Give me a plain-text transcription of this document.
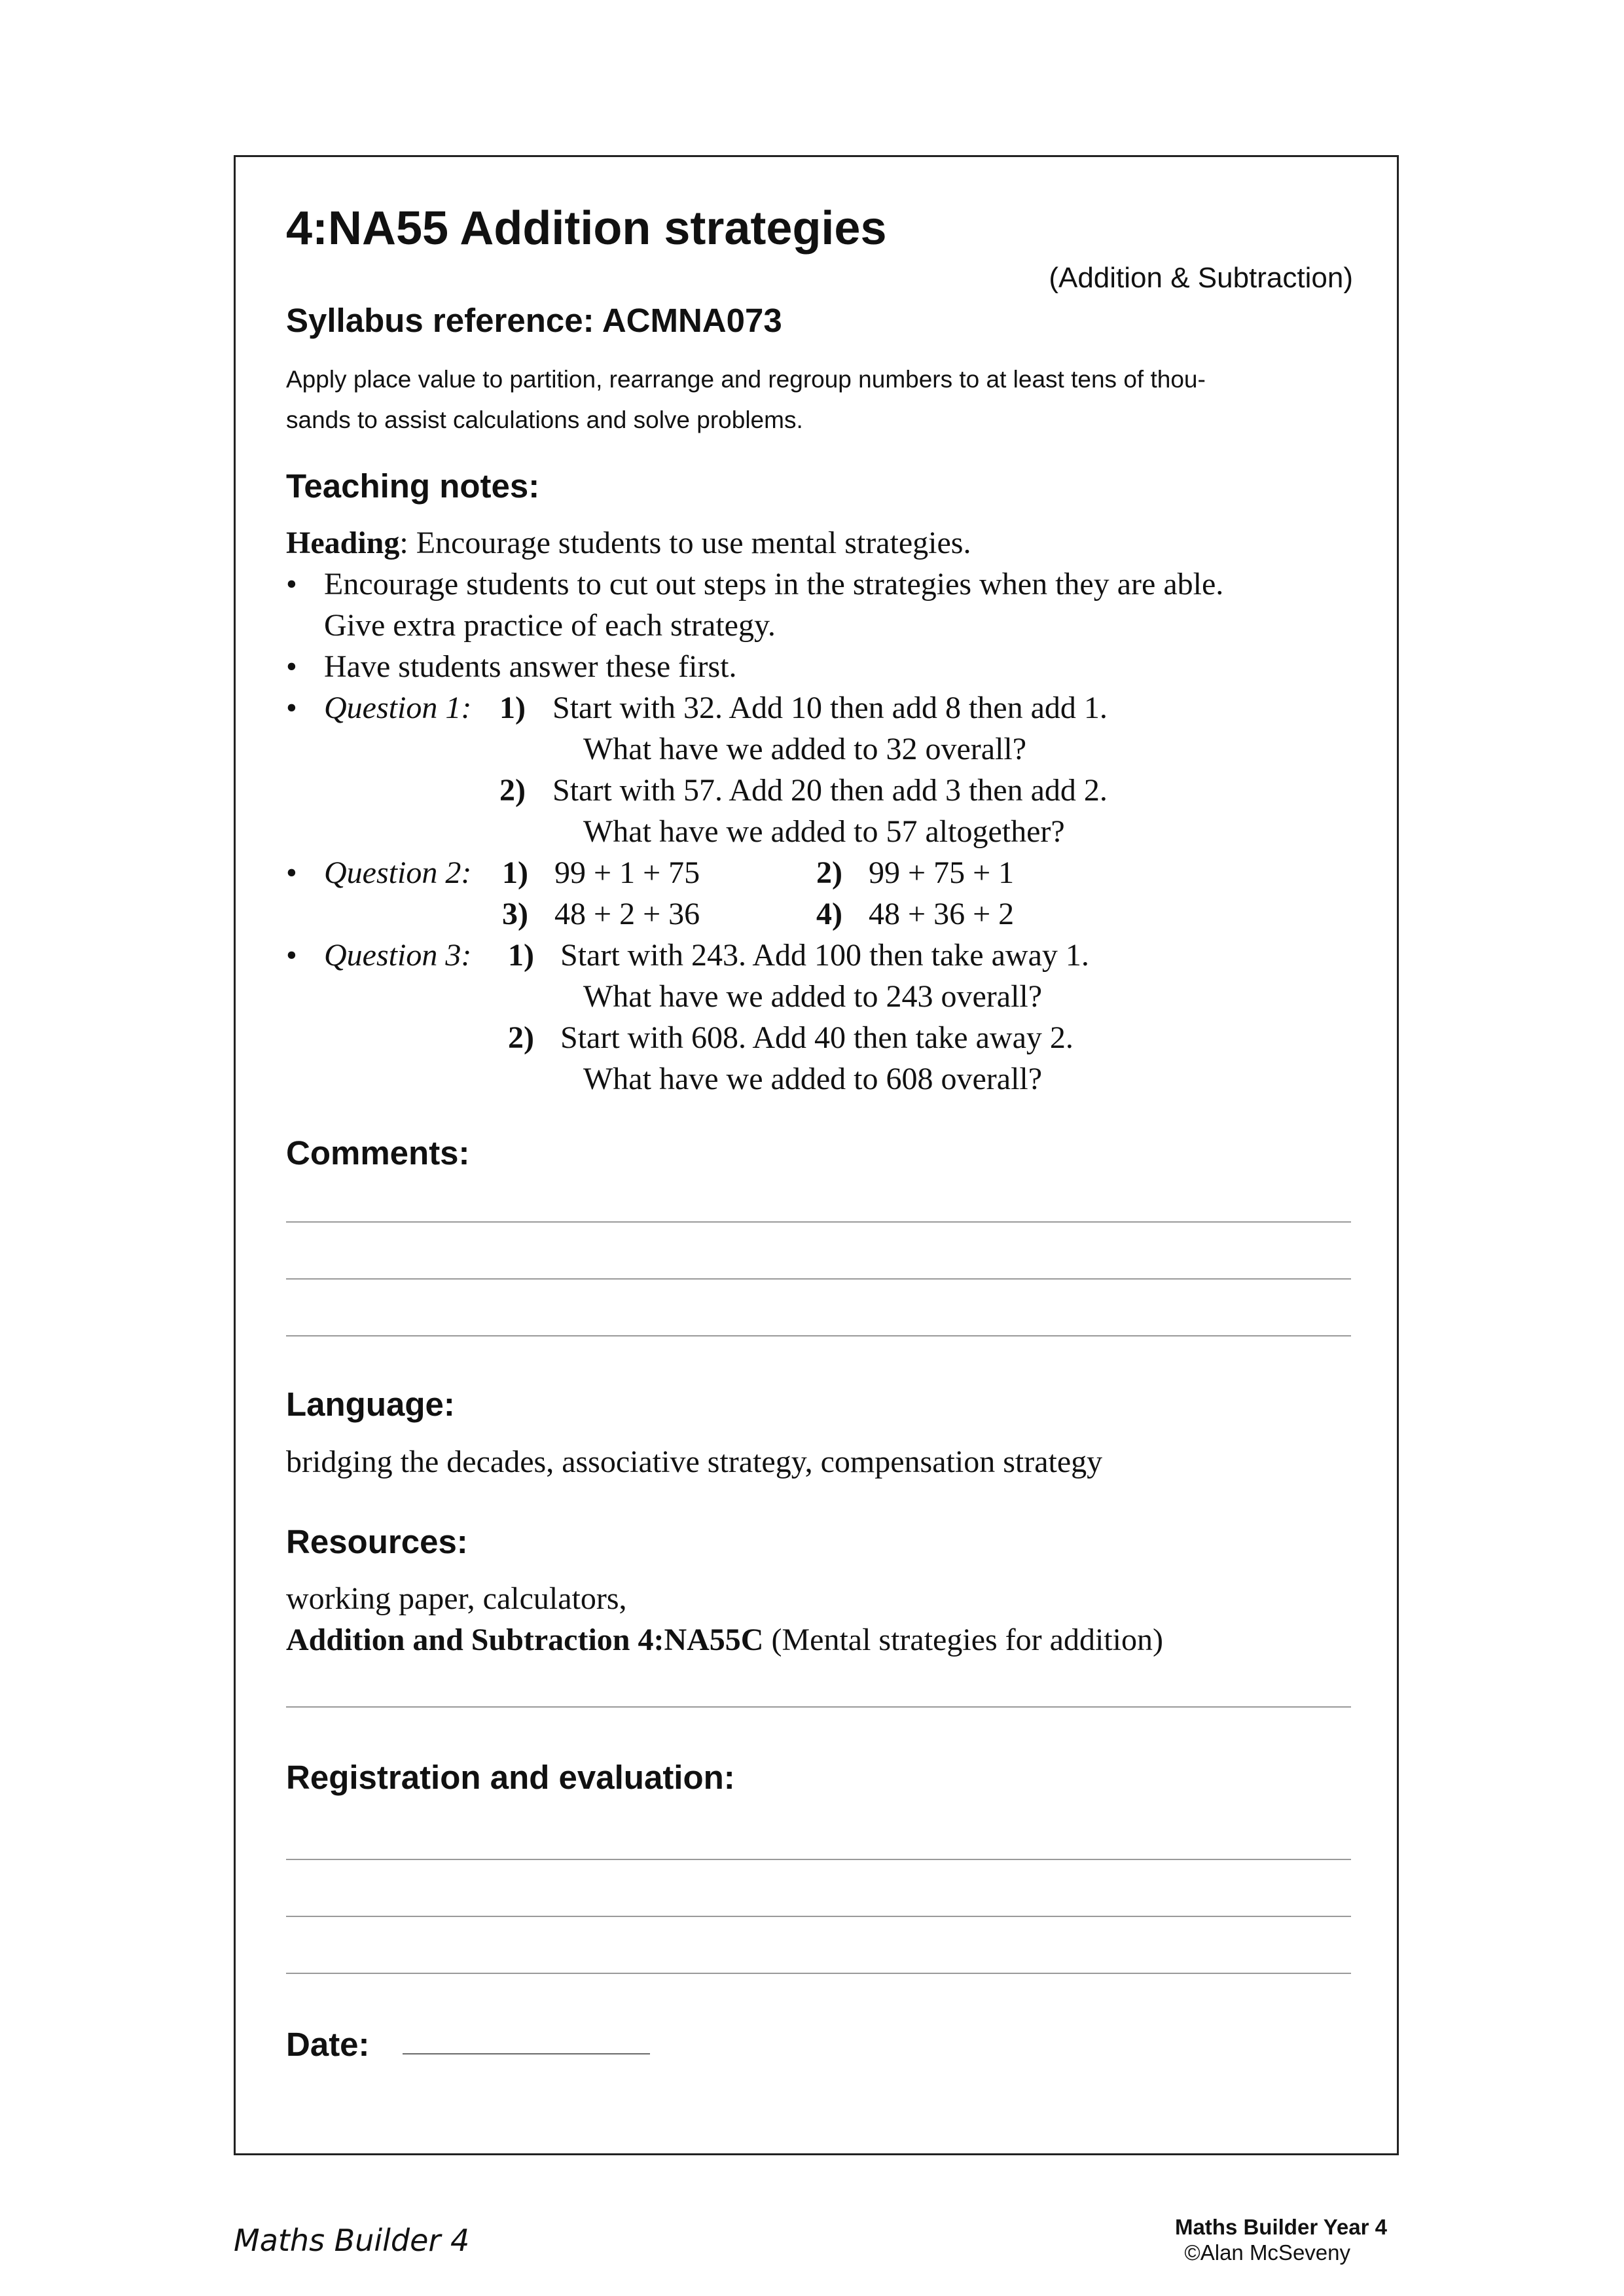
4:NA55 Addition strategies
(Addition & Subtraction)
Syllabus reference: ACMNA073
Apply place value to partition, rearrange and regroup numbers to at least tens of thou-
sands to assist calculations and solve problems.
Teaching notes:
Heading: Encourage students to use mental strategies.
• Encourage students to cut out steps in the strategies when they are able.
Give extra practice of each strategy.
• Have students answer these first.
• Question 1: 1) Start with 32. Add 10 then add 8 then add 1.
What have we added to 32 overall?
2) Start with 57. Add 20 then add 3 then add 2.
What have we added to 57 altogether?
• Question 2: 1) 99 + 1 + 75	2) 99 + 75 + 1
3) 48 + 2 + 36	4) 48 + 36 + 2
• Question 3: 1) Start with 243. Add 100 then take away 1.
What have we added to 243 overall?
2) Start with 608. Add 40 then take away 2.
What have we added to 608 overall?
Comments:
Language:
bridging the decades, associative strategy, compensation strategy
Resources:
working paper, calculators,
Addition and Subtraction 4:NA55C (Mental strategies for addition)
Registration and evaluation:
Date:
Maths Builder 4	Maths Builder Year 4
©Alan McSeveny
